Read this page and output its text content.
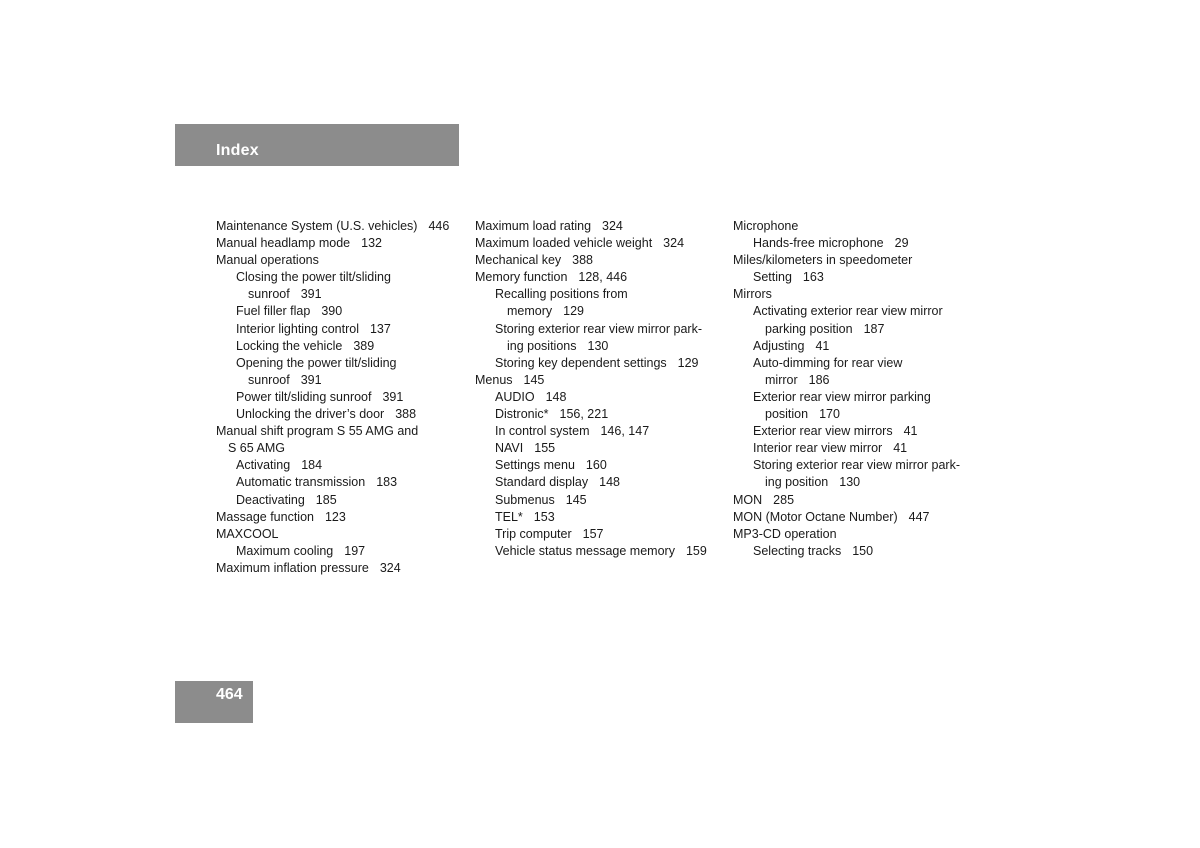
Index
Maintenance System (U.S. vehicles) 446
Manual headlamp mode 132
Manual operations
Closing the power tilt/sliding
sunroof 391
Fuel filler flap 390
Interior lighting control 137
Locking the vehicle 389
Opening the power tilt/sliding
sunroof 391
Power tilt/sliding sunroof 391
Unlocking the driver’s door 388
Manual shift program S 55 AMG and
S 65 AMG
Activating 184
Automatic transmission 183
Deactivating 185
Massage function 123
MAXCOOL
Maximum cooling 197
Maximum inflation pressure 324
Maximum load rating 324
Maximum loaded vehicle weight 324
Mechanical key 388
Memory function 128, 446
Recalling positions from
memory 129
Storing exterior rear view mirror park-
ing positions 130
Storing key dependent settings 129
Menus 145
AUDIO 148
Distronic* 156, 221
In control system 146, 147
NAVI 155
Settings menu 160
Standard display 148
Submenus 145
TEL* 153
Trip computer 157
Vehicle status message memory 159
Microphone
Hands-free microphone 29
Miles/kilometers in speedometer
Setting 163
Mirrors
Activating exterior rear view mirror
parking position 187
Adjusting 41
Auto-dimming for rear view
mirror 186
Exterior rear view mirror parking
position 170
Exterior rear view mirrors 41
Interior rear view mirror 41
Storing exterior rear view mirror park-
ing position 130
MON 285
MON (Motor Octane Number) 447
MP3-CD operation
Selecting tracks 150
464
